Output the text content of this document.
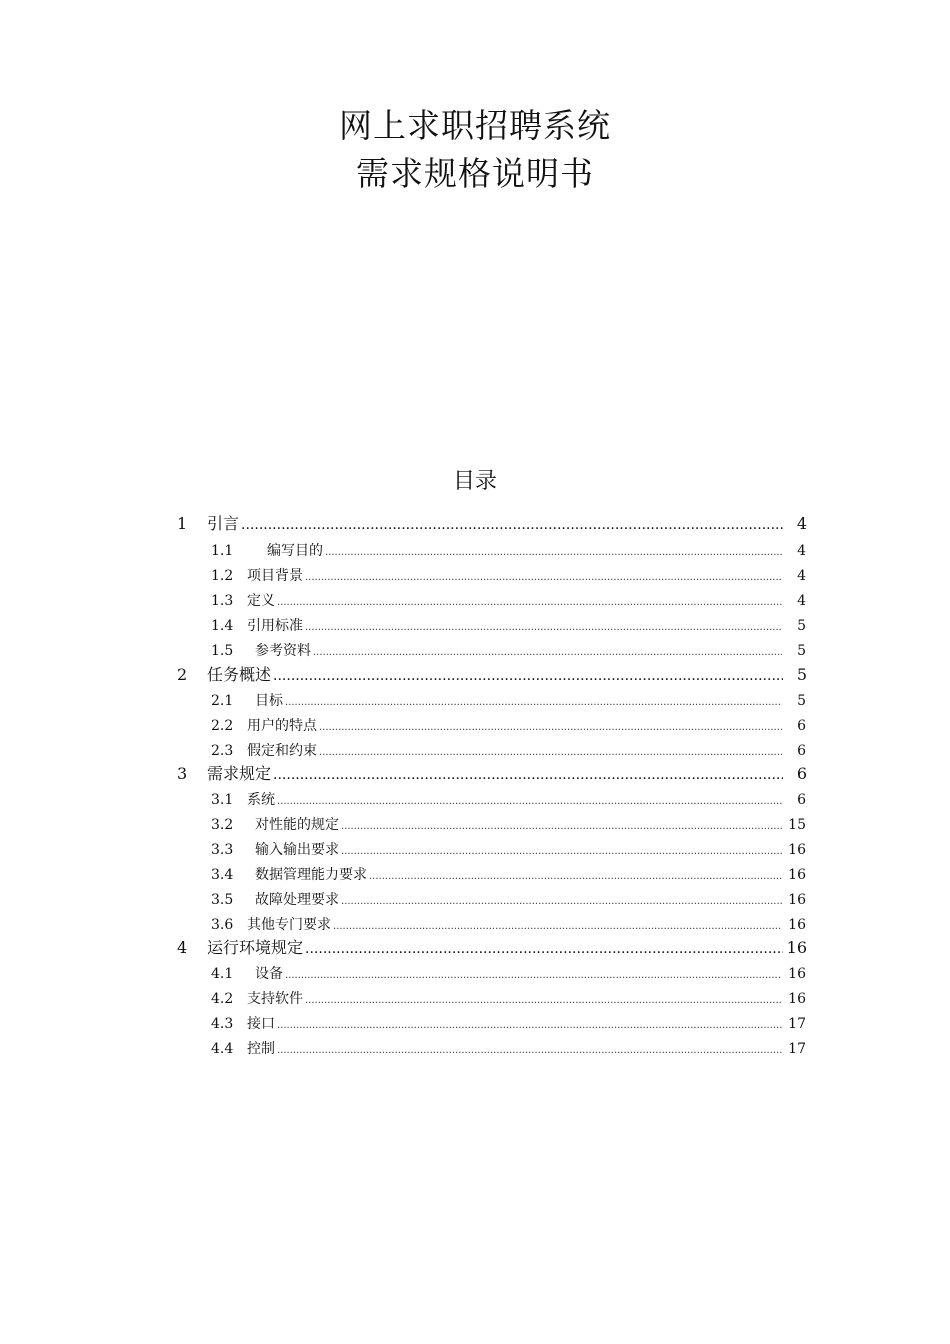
网上求职招聘系统
需求规格说明书
目录
1	引言 .....	4
1.1	编写目的 .....	4
1.2 项目背景 .....	4
1.3 定义 .....	4
1.4 引用标准 .....	5
1.5	参考资料 .....	5
2	任务概述 .....	5
2.1	目标 .....	5
2.2 用户的特点 .....	6
2.3 假定和约束 .....	6
3	需求规定 .....	6
3.1 系统 .....	6
3.2	对性能的规定 .....	15
3.3	输入输出要求 .....	16
3.4	数据管理能力要求 .....	16
3.5	故障处理要求 .....	16
3.6 其他专门要求 .....	16
4	运行环境规定 .....	16
4.1	设备 .....	16
4.2 支持软件 .....	16
4.3 接口 .....	17
4.4 控制 .....	17
